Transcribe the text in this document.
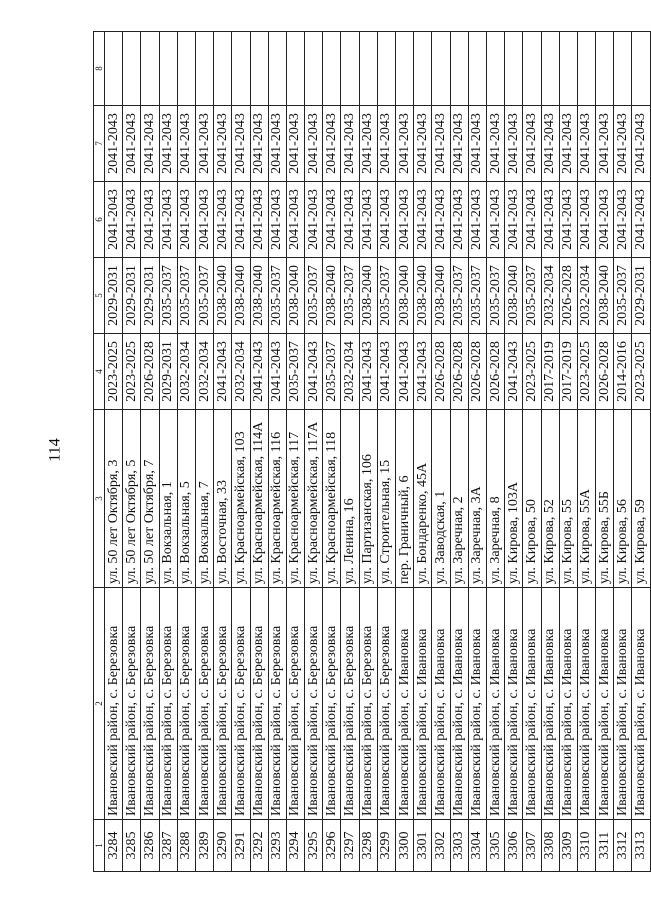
114
1	2	3	4	5	6	7	8
3284	Ивановский район, с. Березовка	ул. 50 лет Октября, 3	2023-2025	2029-2031	2041-2043	2041-2043	
3285	Ивановский район, с. Березовка	ул. 50 лет Октября, 5	2023-2025	2029-2031	2041-2043	2041-2043	
3286	Ивановский район, с. Березовка	ул. 50 лет Октября, 7	2026-2028	2029-2031	2041-2043	2041-2043	
3287	Ивановский район, с. Березовка	ул. Вокзальная, 1	2029-2031	2035-2037	2041-2043	2041-2043	
3288	Ивановский район, с. Березовка	ул. Вокзальная, 5	2032-2034	2035-2037	2041-2043	2041-2043	
3289	Ивановский район, с. Березовка	ул. Вокзальная, 7	2032-2034	2035-2037	2041-2043	2041-2043	
3290	Ивановский район, с. Березовка	ул. Восточная, 33	2041-2043	2038-2040	2041-2043	2041-2043	
3291	Ивановский район, с. Березовка	ул. Красноармейская, 103	2032-2034	2038-2040	2041-2043	2041-2043	
3292	Ивановский район, с. Березовка	ул. Красноармейская, 114А	2041-2043	2038-2040	2041-2043	2041-2043	
3293	Ивановский район, с. Березовка	ул. Красноармейская, 116	2041-2043	2035-2037	2041-2043	2041-2043	
3294	Ивановский район, с. Березовка	ул. Красноармейская, 117	2035-2037	2038-2040	2041-2043	2041-2043	
3295	Ивановский район, с. Березовка	ул. Красноармейская, 117А	2041-2043	2035-2037	2041-2043	2041-2043	
3296	Ивановский район, с. Березовка	ул. Красноармейская, 118	2035-2037	2038-2040	2041-2043	2041-2043	
3297	Ивановский район, с. Березовка	ул. Ленина, 16	2032-2034	2035-2037	2041-2043	2041-2043	
3298	Ивановский район, с. Березовка	ул. Партизанская, 106	2041-2043	2038-2040	2041-2043	2041-2043	
3299	Ивановский район, с. Березовка	ул. Строительная, 15	2041-2043	2035-2037	2041-2043	2041-2043	
3300	Ивановский район, с. Ивановка	пер. Граничный, 6	2041-2043	2038-2040	2041-2043	2041-2043	
3301	Ивановский район, с. Ивановка	ул. Бондаренко, 45А	2041-2043	2038-2040	2041-2043	2041-2043	
3302	Ивановский район, с. Ивановка	ул. Заводская, 1	2026-2028	2038-2040	2041-2043	2041-2043	
3303	Ивановский район, с. Ивановка	ул. Заречная, 2	2026-2028	2035-2037	2041-2043	2041-2043	
3304	Ивановский район, с. Ивановка	ул. Заречная, 3А	2026-2028	2035-2037	2041-2043	2041-2043	
3305	Ивановский район, с. Ивановка	ул. Заречная, 8	2026-2028	2035-2037	2041-2043	2041-2043	
3306	Ивановский район, с. Ивановка	ул. Кирова, 103А	2041-2043	2038-2040	2041-2043	2041-2043	
3307	Ивановский район, с. Ивановка	ул. Кирова, 50	2023-2025	2035-2037	2041-2043	2041-2043	
3308	Ивановский район, с. Ивановка	ул. Кирова, 52	2017-2019	2032-2034	2041-2043	2041-2043	
3309	Ивановский район, с. Ивановка	ул. Кирова, 55	2017-2019	2026-2028	2041-2043	2041-2043	
3310	Ивановский район, с. Ивановка	ул. Кирова, 55А	2023-2025	2032-2034	2041-2043	2041-2043	
3311	Ивановский район, с. Ивановка	ул. Кирова, 55Б	2026-2028	2038-2040	2041-2043	2041-2043	
3312	Ивановский район, с. Ивановка	ул. Кирова, 56	2014-2016	2035-2037	2041-2043	2041-2043	
3313	Ивановский район, с. Ивановка	ул. Кирова, 59	2023-2025	2029-2031	2041-2043	2041-2043	
